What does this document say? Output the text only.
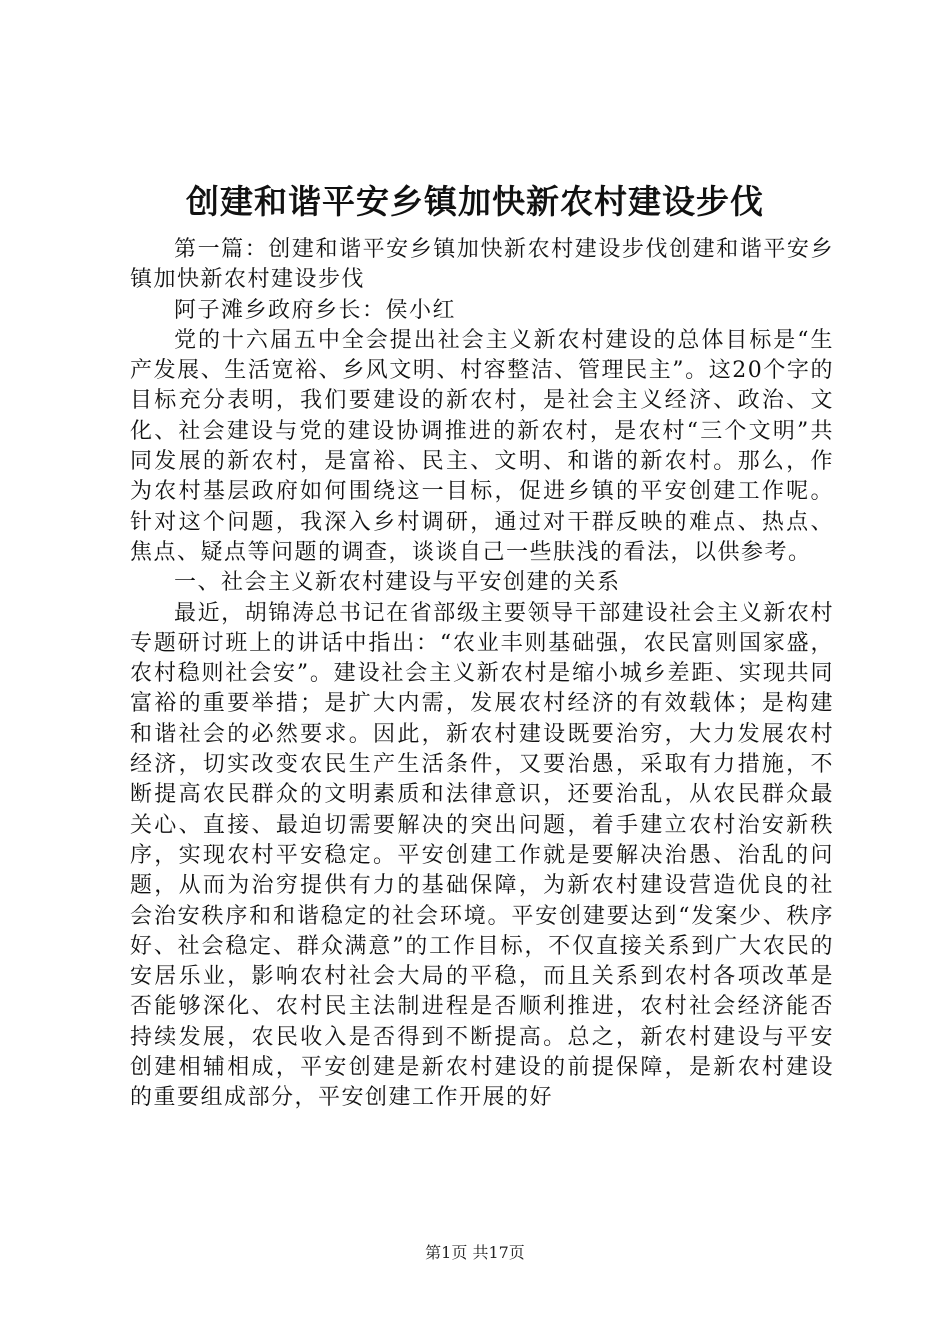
创建和谐平安乡镇加快新农村建设步伐

第一篇：创建和谐平安乡镇加快新农村建设步伐创建和谐平安乡镇加快新农村建设步伐

阿子滩乡政府乡长：侯小红

党的十六届五中全会提出社会主义新农村建设的总体目标是“生产发展、生活宽裕、乡风文明、村容整洁、管理民主”。这20个字的目标充分表明，我们要建设的新农村，是社会主义经济、政治、文化、社会建设与党的建设协调推进的新农村，是农村“三个文明”共同发展的新农村，是富裕、民主、文明、和谐的新农村。那么，作为农村基层政府如何围绕这一目标，促进乡镇的平安创建工作呢。针对这个问题，我深入乡村调研，通过对干群反映的难点、热点、焦点、疑点等问题的调查，谈谈自己一些肤浅的看法，以供参考。

一、社会主义新农村建设与平安创建的关系

最近，胡锦涛总书记在省部级主要领导干部建设社会主义新农村专题研讨班上的讲话中指出：“农业丰则基础强，农民富则国家盛，农村稳则社会安”。建设社会主义新农村是缩小城乡差距、实现共同富裕的重要举措；是扩大内需，发展农村经济的有效载体；是构建和谐社会的必然要求。因此，新农村建设既要治穷，大力发展农村经济，切实改变农民生产生活条件，又要治愚，采取有力措施，不断提高农民群众的文明素质和法律意识，还要治乱，从农民群众最关心、直接、最迫切需要解决的突出问题，着手建立农村治安新秩序，实现农村平安稳定。平安创建工作就是要解决治愚、治乱的问题，从而为治穷提供有力的基础保障，为新农村建设营造优良的社会治安秩序和和谐稳定的社会环境。平安创建要达到“发案少、秩序好、社会稳定、群众满意”的工作目标，不仅直接关系到广大农民的安居乐业，影响农村社会大局的平稳，而且关系到农村各项改革是否能够深化、农村民主法制进程是否顺利推进，农村社会经济能否持续发展，农民收入是否得到不断提高。总之，新农村建设与平安创建相辅相成，平安创建是新农村建设的前提保障，是新农村建设的重要组成部分，平安创建工作开展的好

第1页 共17页
